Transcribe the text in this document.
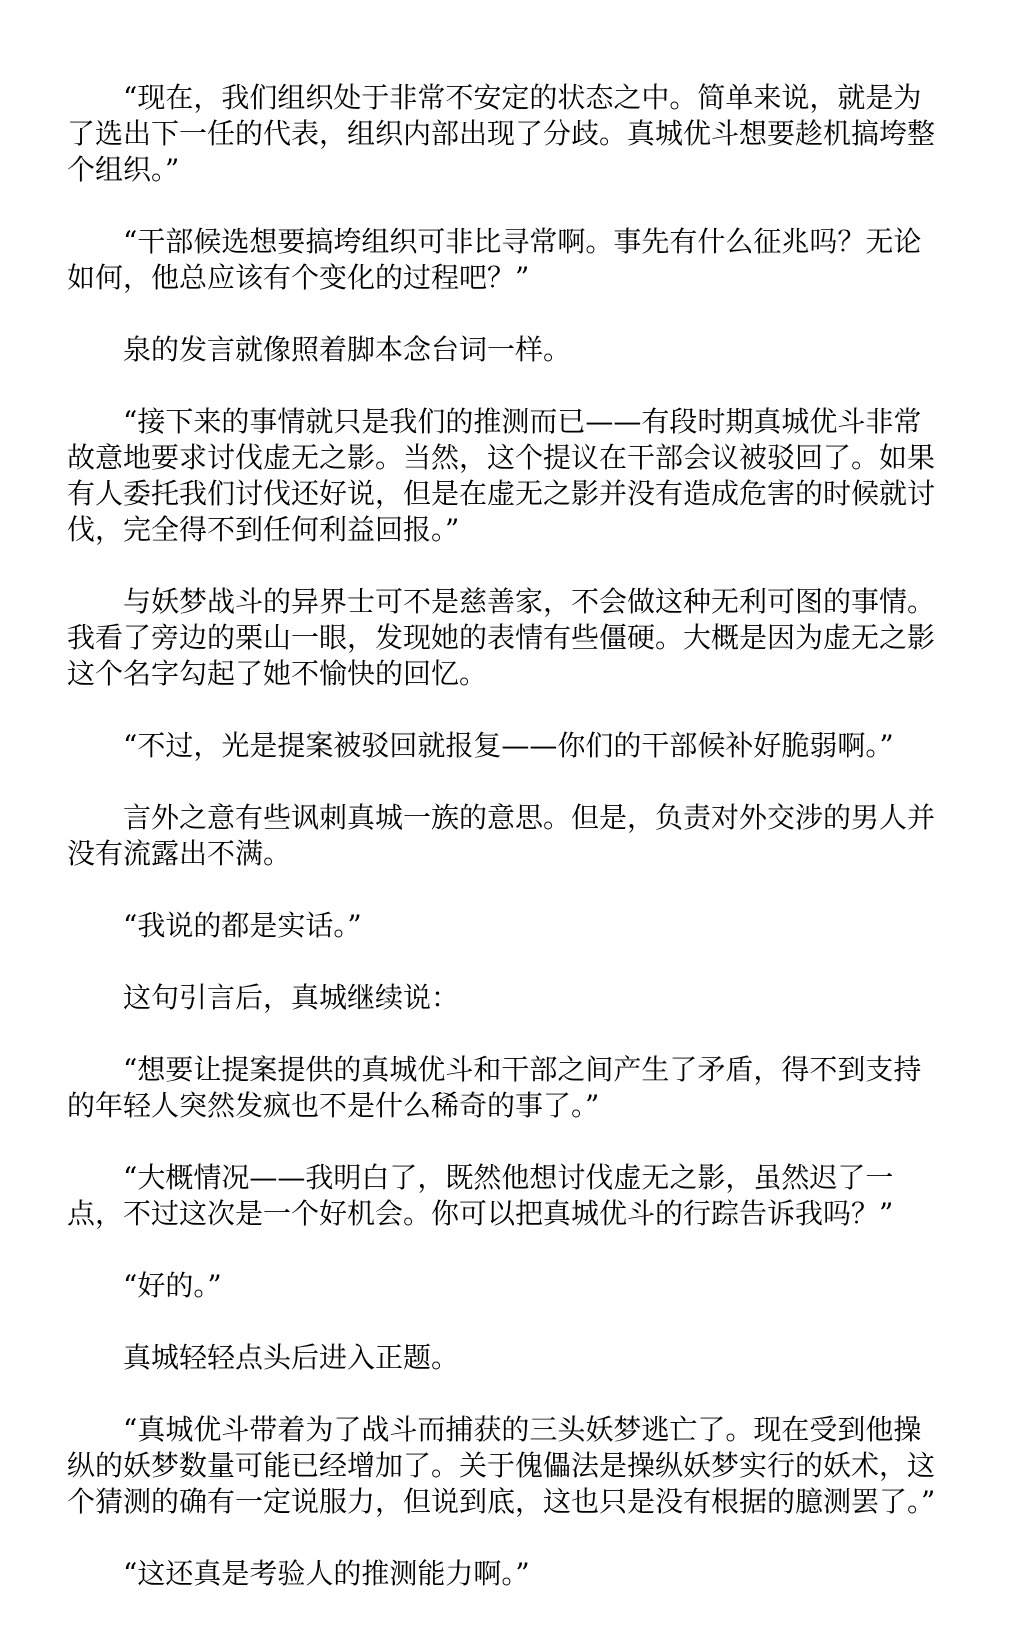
“现在，我们组织处于非常不安定的状态之中。简单来说，就是为了选出下一任的代表，组织内部出现了分歧。真城优斗想要趁机搞垮整个组织。”

“干部候选想要搞垮组织可非比寻常啊。事先有什么征兆吗？无论如何，他总应该有个变化的过程吧？”

泉的发言就像照着脚本念台词一样。

“接下来的事情就只是我们的推测而已——有段时期真城优斗非常故意地要求讨伐虚无之影。当然，这个提议在干部会议被驳回了。如果有人委托我们讨伐还好说，但是在虚无之影并没有造成危害的时候就讨伐，完全得不到任何利益回报。”

与妖梦战斗的异界士可不是慈善家，不会做这种无利可图的事情。我看了旁边的栗山一眼，发现她的表情有些僵硬。大概是因为虚无之影这个名字勾起了她不愉快的回忆。

“不过，光是提案被驳回就报复——你们的干部候补好脆弱啊。”

言外之意有些讽刺真城一族的意思。但是，负责对外交涉的男人并没有流露出不满。

“我说的都是实话。”

这句引言后，真城继续说：

“想要让提案提供的真城优斗和干部之间产生了矛盾，得不到支持的年轻人突然发疯也不是什么稀奇的事了。”

“大概情况——我明白了，既然他想讨伐虚无之影，虽然迟了一点，不过这次是一个好机会。你可以把真城优斗的行踪告诉我吗？”

“好的。”

真城轻轻点头后进入正题。

“真城优斗带着为了战斗而捕获的三头妖梦逃亡了。现在受到他操纵的妖梦数量可能已经增加了。关于傀儡法是操纵妖梦实行的妖术，这个猜测的确有一定说服力，但说到底，这也只是没有根据的臆测罢了。”

“这还真是考验人的推测能力啊。”
